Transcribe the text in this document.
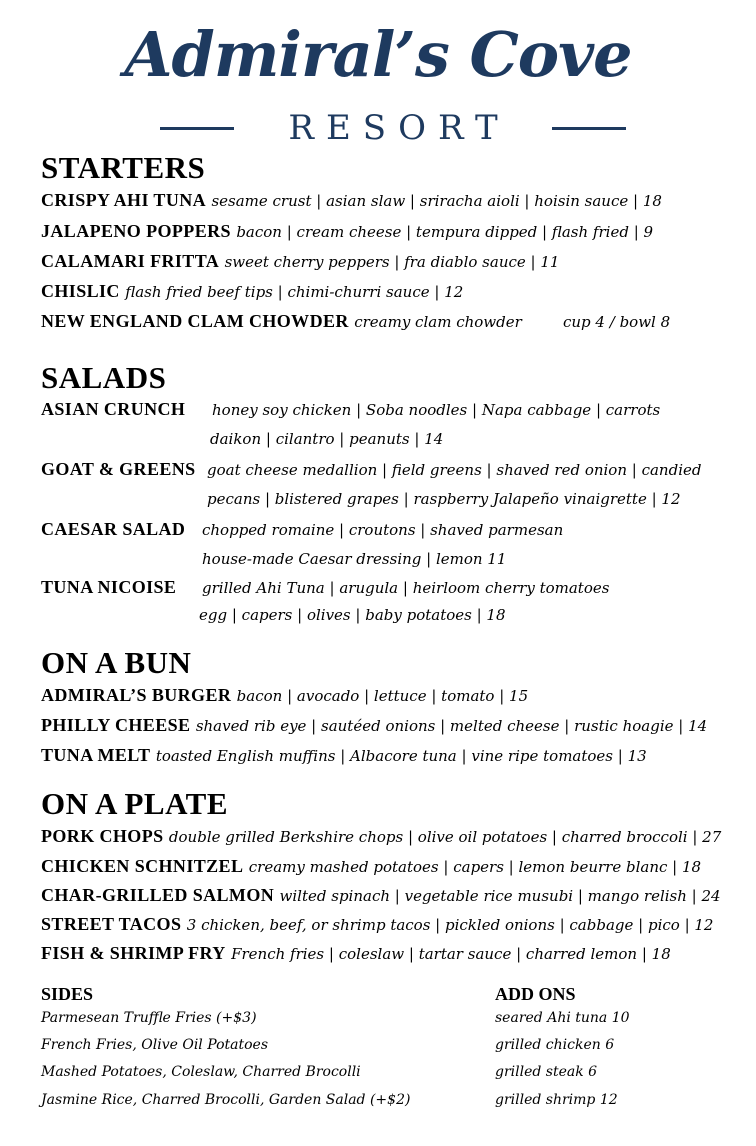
Admiral’s Cove
RESORT
STARTERS
CRISPY AHI TUNA sesame crust | asian slaw | sriracha aioli | hoisin sauce | 18
JALAPENO POPPERS bacon | cream cheese | tempura dipped | flash fried | 9
CALAMARI FRITTA sweet cherry peppers | fra diablo sauce | 11
CHISLIC flash fried beef tips | chimi-churri sauce | 12
NEW ENGLAND CLAM CHOWDER creamy clam chowder	cup 4 / bowl 8
SALADS
ASIAN CRUNCH honey soy chicken | Soba noodles | Napa cabbage | carrots
daikon | cilantro | peanuts | 14
GOAT & GREENS goat cheese medallion | field greens | shaved red onion | candied
pecans | blistered grapes | raspberry Jalapeño vinaigrette | 12
CAESAR SALAD chopped romaine | croutons | shaved parmesan
house-made Caesar dressing | lemon 11
TUNA NICOISE grilled Ahi Tuna | arugula | heirloom cherry tomatoes
egg | capers | olives | baby potatoes | 18
ON A BUN
ADMIRAL’S BURGER bacon | avocado | lettuce | tomato | 15
PHILLY CHEESE shaved rib eye | sautéed onions | melted cheese | rustic hoagie | 14
TUNA MELT toasted English muffins | Albacore tuna | vine ripe tomatoes | 13
ON A PLATE
PORK CHOPS double grilled Berkshire chops | olive oil potatoes | charred broccoli | 27
CHICKEN SCHNITZEL creamy mashed potatoes | capers | lemon beurre blanc | 18
CHAR-GRILLED SALMON wilted spinach | vegetable rice musubi | mango relish | 24
STREET TACOS 3 chicken, beef, or shrimp tacos | pickled onions | cabbage | pico | 12
FISH & SHRIMP FRY French fries | coleslaw | tartar sauce | charred lemon | 18
SIDES
Parmesean Truffle Fries (+$3)
French Fries, Olive Oil Potatoes
Mashed Potatoes, Coleslaw, Charred Brocolli
Jasmine Rice, Charred Brocolli, Garden Salad (+$2)
ADD ONS
seared Ahi tuna 10
grilled chicken 6
grilled steak 6
grilled shrimp 12
